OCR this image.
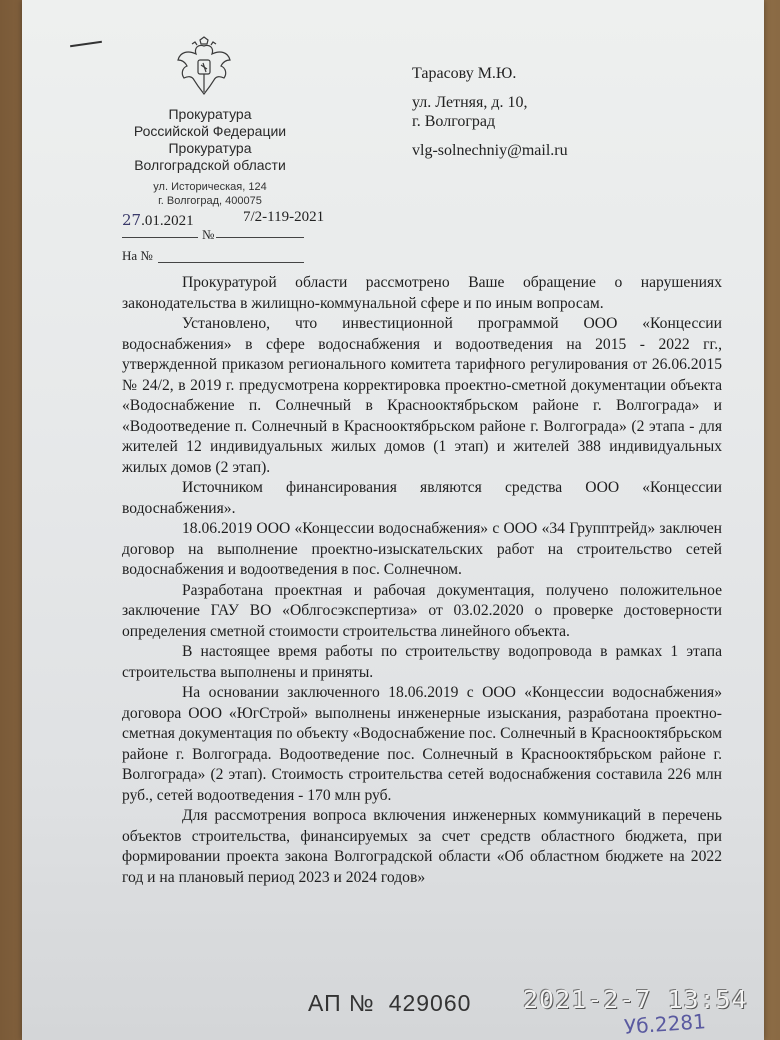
Прокуратура
Российской Федерации
Прокуратура
Волгоградской области
ул. Историческая, 124
г. Волгоград, 400075
27.01.2021
№
7/2-119-2021
На №
Тарасову М.Ю.
ул. Летняя, д. 10,
г. Волгоград
vlg-solnechniy@mail.ru

Прокуратурой области рассмотрено Ваше обращение о нарушениях законодательства в жилищно-коммунальной сфере и по иным вопросам.

Установлено, что инвестиционной программой ООО «Концессии водоснабжения» в сфере водоснабжения и водоотведения на 2015 - 2022 гг., утвержденной приказом регионального комитета тарифного регулирования от 26.06.2015 № 24/2, в 2019 г. предусмотрена корректировка проектно-сметной документации объекта «Водоснабжение п. Солнечный в Краснооктябрьском районе г. Волгограда» и «Водоотведение п. Солнечный в Краснооктябрьском районе г. Волгограда» (2 этапа - для жителей 12 индивидуальных жилых домов (1 этап) и жителей 388 индивидуальных жилых домов (2 этап).

Источником финансирования являются средства ООО «Концессии водоснабжения».

18.06.2019 ООО «Концессии водоснабжения» с ООО «34 Групптрейд» заключен договор на выполнение проектно-изыскательских работ на строительство сетей водоснабжения и водоотведения в пос. Солнечном.

Разработана проектная и рабочая документация, получено положительное заключение ГАУ ВО «Облгосэкспертиза» от 03.02.2020 о проверке достоверности определения сметной стоимости строительства линейного объекта.

В настоящее время работы по строительству водопровода в рамках 1 этапа строительства выполнены и приняты.

На основании заключенного 18.06.2019 с ООО «Концессии водоснабжения» договора ООО «ЮгСтрой» выполнены инженерные изыскания, разработана проектно-сметная документация по объекту «Водоснабжение пос. Солнечный в Краснооктябрьском районе г. Волгограда. Водоотведение пос. Солнечный в Краснооктябрьском районе г. Волгограда» (2 этап). Стоимость строительства сетей водоснабжения составила 226 млн руб., сетей водоотведения - 170 млн руб.

Для рассмотрения вопроса включения инженерных коммуникаций в перечень объектов строительства, финансируемых за счет средств областного бюджета, при формировании проекта закона Волгоградской области «Об областном бюджете на 2022 год и на плановый период 2023 и 2024 годов»

АП № 429060 2021-2-7 13:54
Уб.2281
